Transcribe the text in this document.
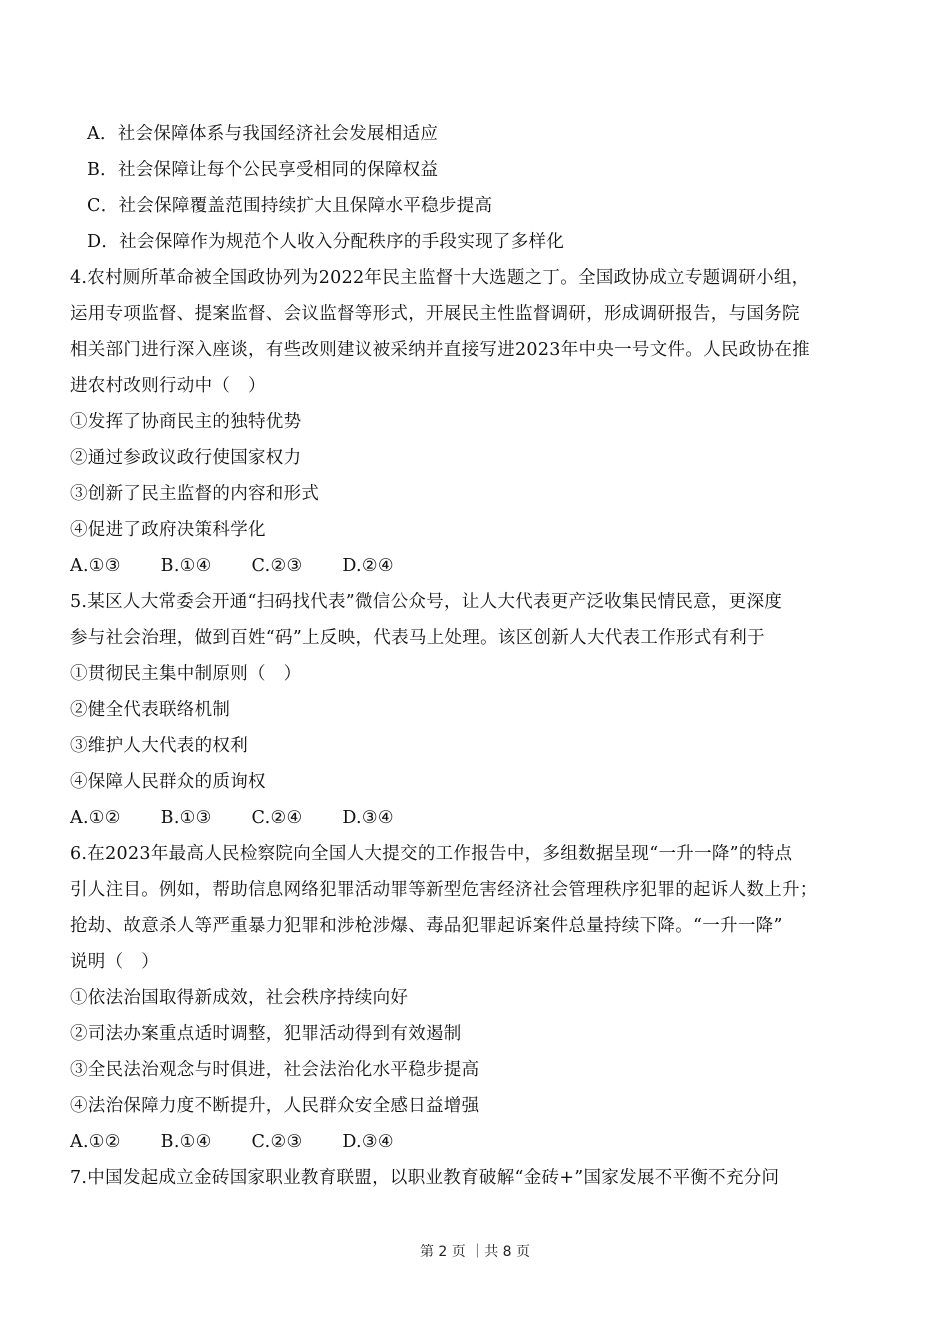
A．社会保障体系与我国经济社会发展相适应
B．社会保障让每个公民享受相同的保障权益
C．社会保障覆盖范围持续扩大且保障水平稳步提高
D．社会保障作为规范个人收入分配秩序的手段实现了多样化
4.农村厕所革命被全国政协列为2022年民主监督十大选题之丁。全国政协成立专题调研小组，
运用专项监督、提案监督、会议监督等形式，开展民主性监督调研，形成调研报告，与国务院
相关部门进行深入座谈，有些改则建议被采纳并直接写进2023年中央一号文件。人民政协在推
进农村改则行动中（　）
①发挥了协商民主的独特优势
②通过参政议政行使国家权力
③创新了民主监督的内容和形式
④促进了政府决策科学化
A.①③ B.①④ C.②③ D.②④
5.某区人大常委会开通“扫码找代表”微信公众号，让人大代表更产泛收集民情民意，更深度
参与社会治理，做到百姓“码”上反映，代表马上处理。该区创新人大代表工作形式有利于
①贯彻民主集中制原则（　）
②健全代表联络机制
③维护人大代表的权利
④保障人民群众的质询权
A.①② B.①③ C.②④ D.③④
6.在2023年最高人民检察院向全国人大提交的工作报告中，多组数据呈现“一升一降”的特点
引人注目。例如，帮助信息网络犯罪活动罪等新型危害经济社会管理秩序犯罪的起诉人数上升；
抢劫、故意杀人等严重暴力犯罪和涉枪涉爆、毒品犯罪起诉案件总量持续下降。“一升一降”
说明（　）
①依法治国取得新成效，社会秩序持续向好
②司法办案重点适时调整，犯罪活动得到有效遏制
③全民法治观念与时俱进，社会法治化水平稳步提高
④法治保障力度不断提升，人民群众安全感日益增强
A.①② B.①④ C.②③ D.③④
7.中国发起成立金砖国家职业教育联盟，以职业教育破解“金砖+”国家发展不平衡不充分问
第 2 页 ｜共 8 页
